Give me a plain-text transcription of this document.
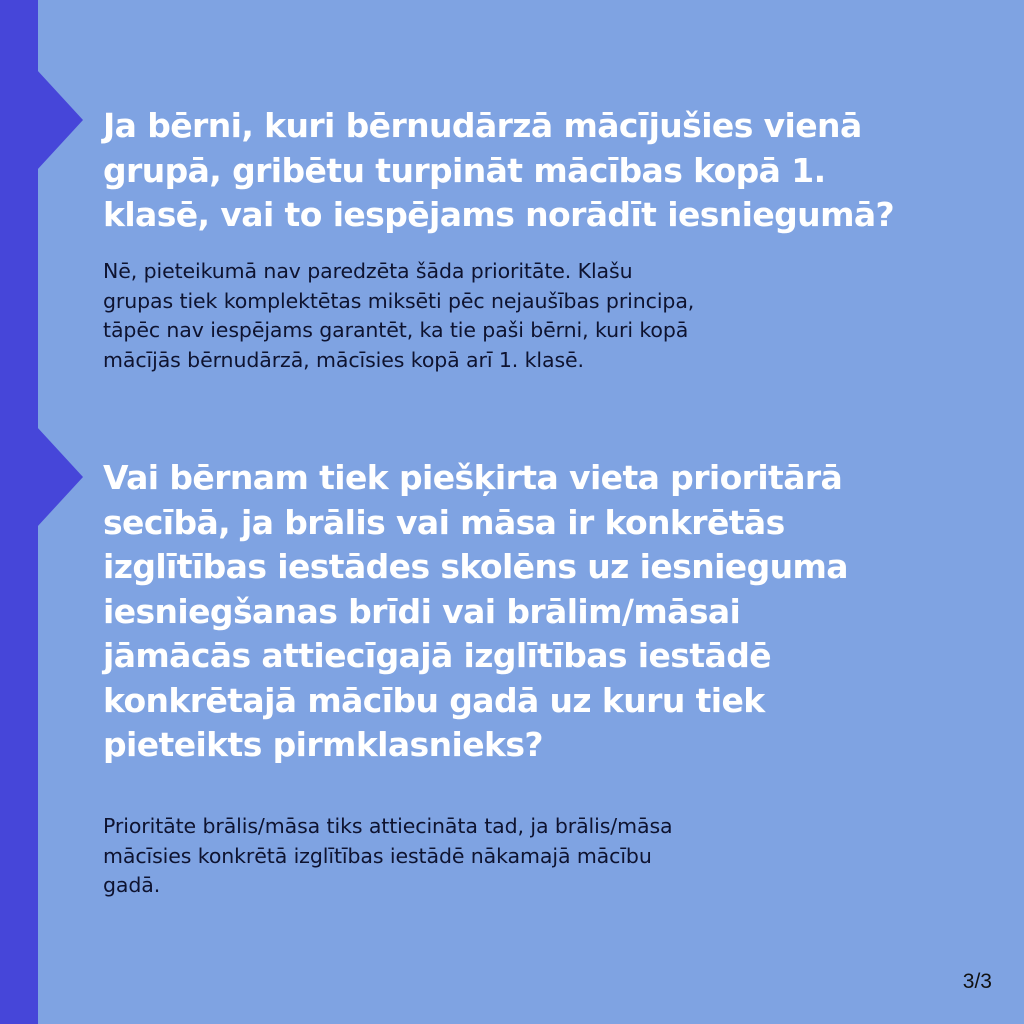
Ja bērni, kuri bērnudārzā mācījušies vienā
grupā, gribētu turpināt mācības kopā 1.
klasē, vai to iespējams norādīt iesniegumā?

Nē, pieteikumā nav paredzēta šāda prioritāte. Klašu
grupas tiek komplektētas miksēti pēc nejaušības principa,
tāpēc nav iespējams garantēt, ka tie paši bērni, kuri kopā
mācījās bērnudārzā, mācīsies kopā arī 1. klasē.

Vai bērnam tiek piešķirta vieta prioritārā
secībā, ja brālis vai māsa ir konkrētās
izglītības iestādes skolēns uz iesnieguma
iesniegšanas brīdi vai brālim/māsai
jāmācās attiecīgajā izglītības iestādē
konkrētajā mācību gadā uz kuru tiek
pieteikts pirmklasnieks?

Prioritāte brālis/māsa tiks attiecināta tad, ja brālis/māsa
mācīsies konkrētā izglītības iestādē nākamajā mācību
gadā.

3/3
